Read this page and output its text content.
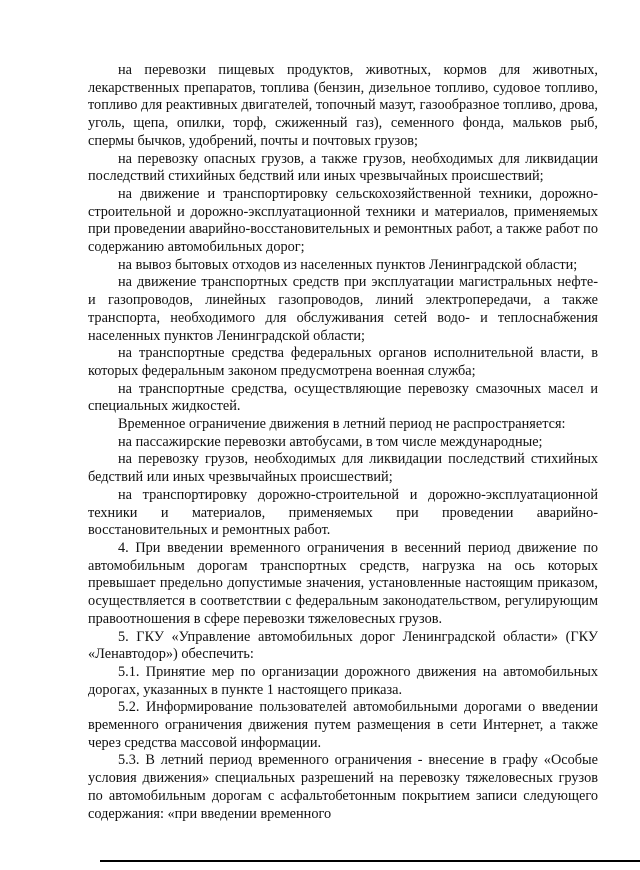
на перевозки пищевых продуктов, животных, кормов для животных, лекарственных препаратов, топлива (бензин, дизельное топливо, судовое топливо, топливо для реактивных двигателей, топочный мазут, газообразное топливо, дрова, уголь, щепа, опилки, торф, сжиженный газ), семенного фонда, мальков рыб, спермы бычков, удобрений, почты и почтовых грузов;

на перевозку опасных грузов, а также грузов, необходимых для ликвидации последствий стихийных бедствий или иных чрезвычайных происшествий;

на движение и транспортировку сельскохозяйственной техники, дорожно-строительной и дорожно-эксплуатационной техники и материалов, применяемых при проведении аварийно-восстановительных и ремонтных работ, а также работ по содержанию автомобильных дорог;

на вывоз бытовых отходов из населенных пунктов Ленинградской области;

на движение транспортных средств при эксплуатации магистральных нефте- и газопроводов, линейных газопроводов, линий электропередачи, а также транспорта, необходимого для обслуживания сетей водо- и теплоснабжения населенных пунктов Ленинградской области;

на транспортные средства федеральных органов исполнительной власти, в которых федеральным законом предусмотрена военная служба;

на транспортные средства, осуществляющие перевозку смазочных масел и специальных жидкостей.

Временное ограничение движения в летний период не распространяется:

на пассажирские перевозки автобусами, в том числе международные;

на перевозку грузов, необходимых для ликвидации последствий стихийных бедствий или иных чрезвычайных происшествий;

на транспортировку дорожно-строительной и дорожно-эксплуатационной техники и материалов, применяемых при проведении аварийно-восстановительных и ремонтных работ.

4. При введении временного ограничения в весенний период движение по автомобильным дорогам транспортных средств, нагрузка на ось которых превышает предельно допустимые значения, установленные настоящим приказом, осуществляется в соответствии с федеральным законодательством, регулирующим правоотношения в сфере перевозки тяжеловесных грузов.

5. ГКУ «Управление автомобильных дорог Ленинградской области» (ГКУ «Ленавтодор») обеспечить:

5.1. Принятие мер по организации дорожного движения на автомобильных дорогах, указанных в пункте 1 настоящего приказа.

5.2. Информирование пользователей автомобильными дорогами о введении временного ограничения движения путем размещения в сети Интернет, а также через средства массовой информации.

5.3. В летний период временного ограничения - внесение в графу «Особые условия движения» специальных разрешений на перевозку тяжеловесных грузов по автомобильным дорогам с асфальтобетонным покрытием записи следующего содержания: «при введении временного
